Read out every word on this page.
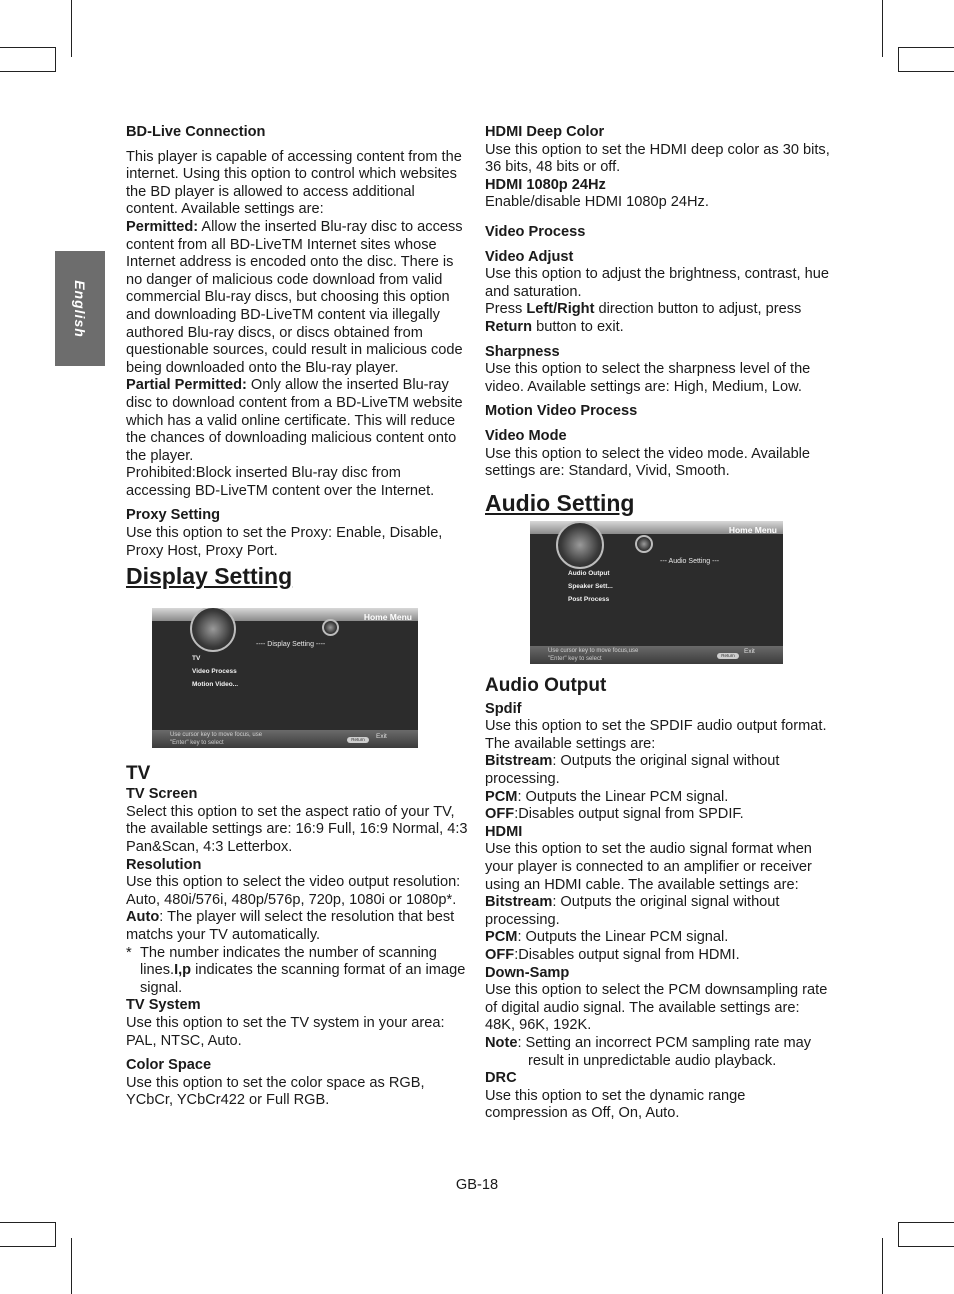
English

BD-Live Connection

This player is capable of accessing content from the internet. Using this option to control which websites the BD player is allowed to access additional content. Available settings are:

Permitted: Allow the inserted Blu-ray disc to access content from all BD-LiveTM Internet sites whose Internet address is encoded onto the disc. There is no danger of malicious code download from valid commercial Blu-ray discs, but choosing this option and downloading BD-LiveTM content via illegally authored Blu-ray discs, or discs obtained from questionable sources, could result in malicious code being downloaded onto the Blu-ray player.

Partial Permitted: Only allow the inserted Blu-ray disc to download content from a BD-LiveTM website which has a valid online certificate. This will reduce the chances of downloading malicious content onto the player.

Prohibited:Block inserted Blu-ray disc from accessing BD-LiveTM content over the Internet.

Proxy Setting

Use this option to set the Proxy: Enable, Disable, Proxy Host, Proxy Port.

Display Setting

Home Menu
---- Display Setting ----
TV
Video Process
Motion Video...
Use cursor key to move focus, use
"Enter" key to select
Return
Exit

TV

TV Screen

Select this option to set the aspect ratio of your TV, the available settings are: 16:9 Full, 16:9 Normal, 4:3 Pan&Scan, 4:3 Letterbox.

Resolution

Use this option to select the video output resolution: Auto, 480i/576i, 480p/576p, 720p, 1080i or 1080p*.

Auto: The player will select the resolution that best matchs your TV automatically.

* The number indicates the number of scanning lines.I,p indicates the scanning format of an image signal.

TV System

Use this option to set the TV system in your area: PAL, NTSC, Auto.

Color Space

Use this option to set the color space as RGB, YCbCr, YCbCr422 or Full RGB.

HDMI Deep Color

Use this option to set the HDMI deep color as 30 bits, 36 bits, 48 bits or off.

HDMI 1080p 24Hz

Enable/disable HDMI 1080p 24Hz.

Video Process

Video Adjust

Use this option to adjust the brightness, contrast, hue and saturation.

Press Left/Right direction button to adjust, press Return button to exit.

Sharpness

Use this option to select the sharpness level of the video. Available settings are: High, Medium, Low.

Motion Video Process

Video Mode

Use this option to select the video mode. Available settings are: Standard, Vivid, Smooth.

Audio Setting

Home Menu
--- Audio Setting ---
Audio Output
Speaker Sett...
Post Process
Use cursor key to move focus,use
"Enter" key to select
Return
Exit

Audio Output

Spdif

Use this option to set the SPDIF audio output format. The available settings are:

Bitstream: Outputs the original signal without processing.

PCM: Outputs the Linear PCM signal.

OFF:Disables output signal from SPDIF.

HDMI

Use this option to set the audio signal format when your player is connected to an amplifier or receiver using an HDMI cable. The available settings are:

Bitstream: Outputs the original signal without processing.

PCM: Outputs the Linear PCM signal.

OFF:Disables output signal from HDMI.

Down-Samp

Use this option to select the PCM downsampling rate of digital audio signal. The available settings are: 48K, 96K, 192K.

Note: Setting an incorrect PCM sampling rate may result in unpredictable audio playback.

DRC

Use this option to set the dynamic range compression as Off, On, Auto.

GB-18
